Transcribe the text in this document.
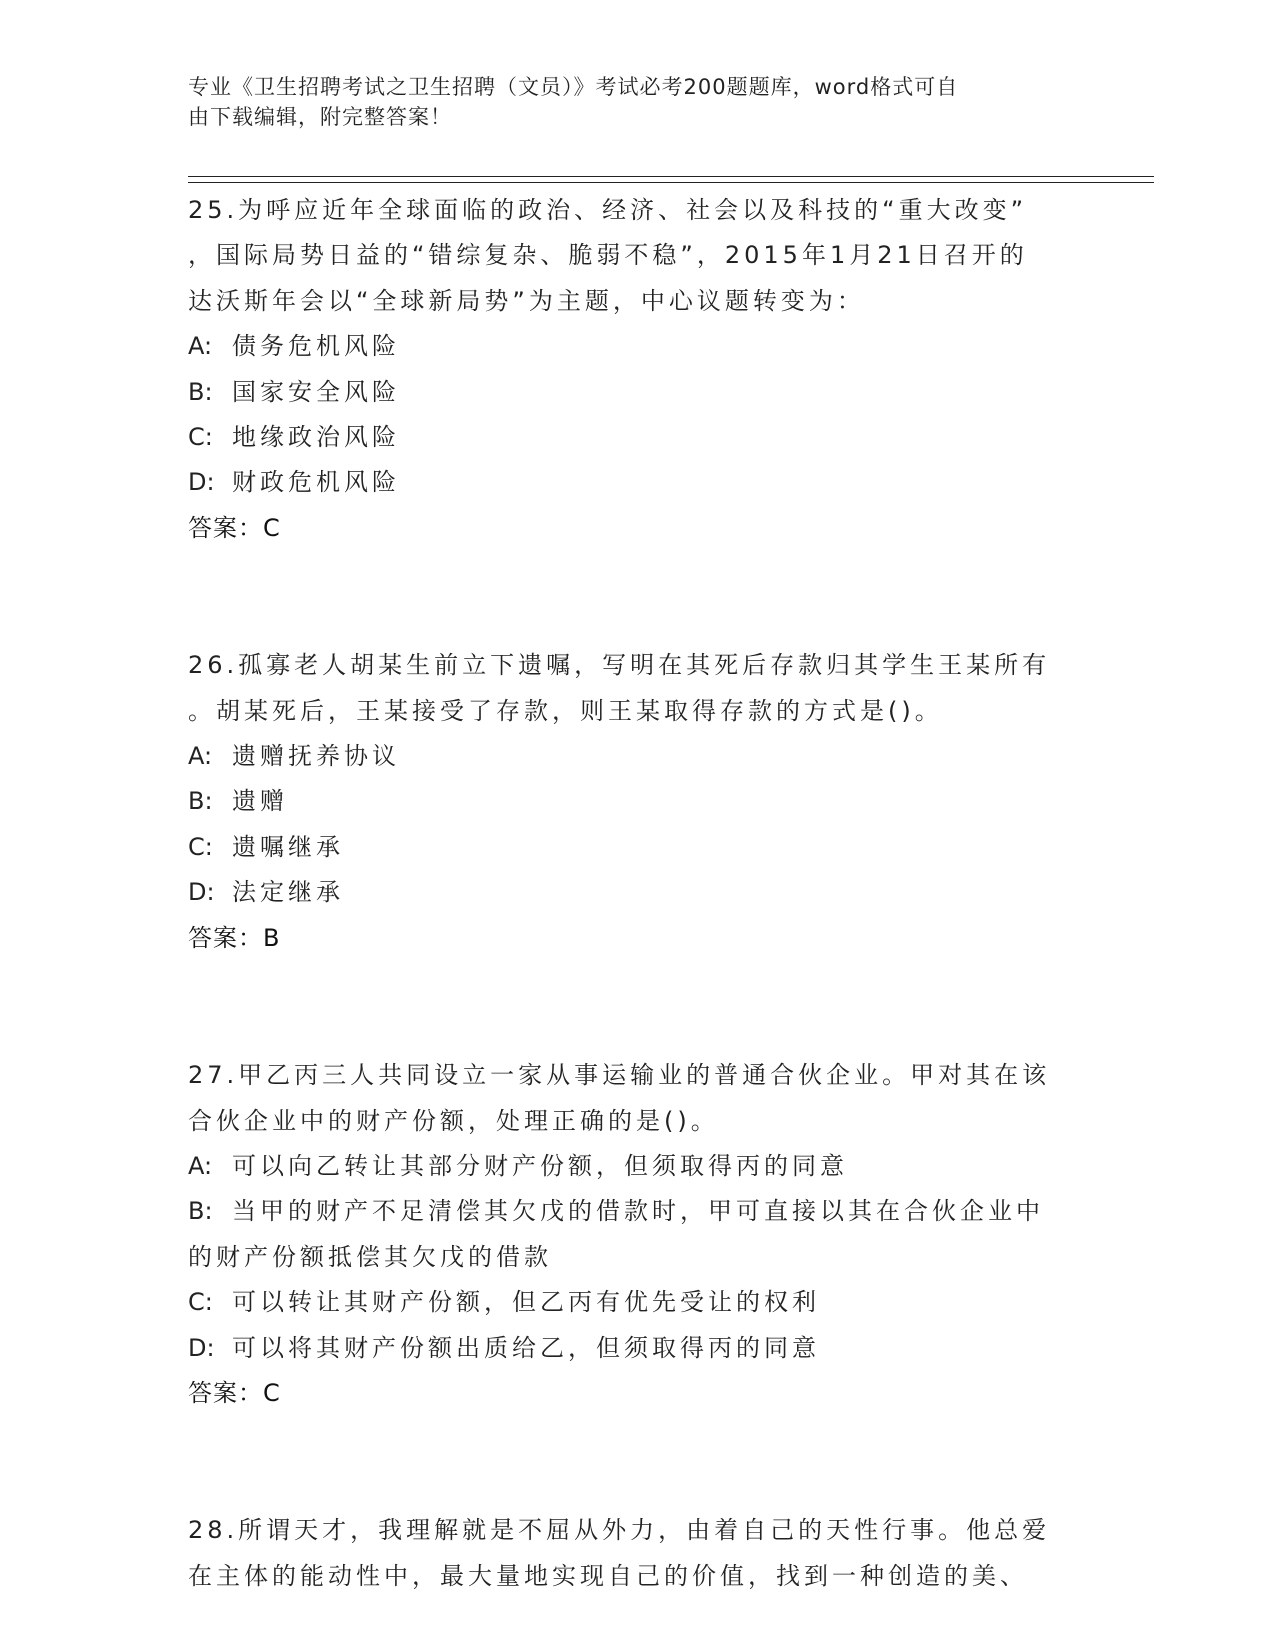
专业《卫生招聘考试之卫生招聘（文员）》考试必考200题题库，word格式可自
由下载编辑，附完整答案！
25.为呼应近年全球面临的政治、经济、社会以及科技的“重大改变”
，国际局势日益的“错综复杂、脆弱不稳”，2015年1月21日召开的
达沃斯年会以“全球新局势”为主题，中心议题转变为：
A: 债务危机风险
B: 国家安全风险
C: 地缘政治风险
D: 财政危机风险
答案：C
26.孤寡老人胡某生前立下遗嘱，写明在其死后存款归其学生王某所有
。胡某死后，王某接受了存款，则王某取得存款的方式是()。
A: 遗赠抚养协议
B: 遗赠
C: 遗嘱继承
D: 法定继承
答案：B
27.甲乙丙三人共同设立一家从事运输业的普通合伙企业。甲对其在该
合伙企业中的财产份额，处理正确的是()。
A: 可以向乙转让其部分财产份额，但须取得丙的同意
B: 当甲的财产不足清偿其欠戊的借款时，甲可直接以其在合伙企业中
的财产份额抵偿其欠戊的借款
C: 可以转让其财产份额，但乙丙有优先受让的权利
D: 可以将其财产份额出质给乙，但须取得丙的同意
答案：C
28.所谓天才，我理解就是不屈从外力，由着自己的天性行事。他总爱
在主体的能动性中，最大量地实现自己的价值，找到一种创造的美、
